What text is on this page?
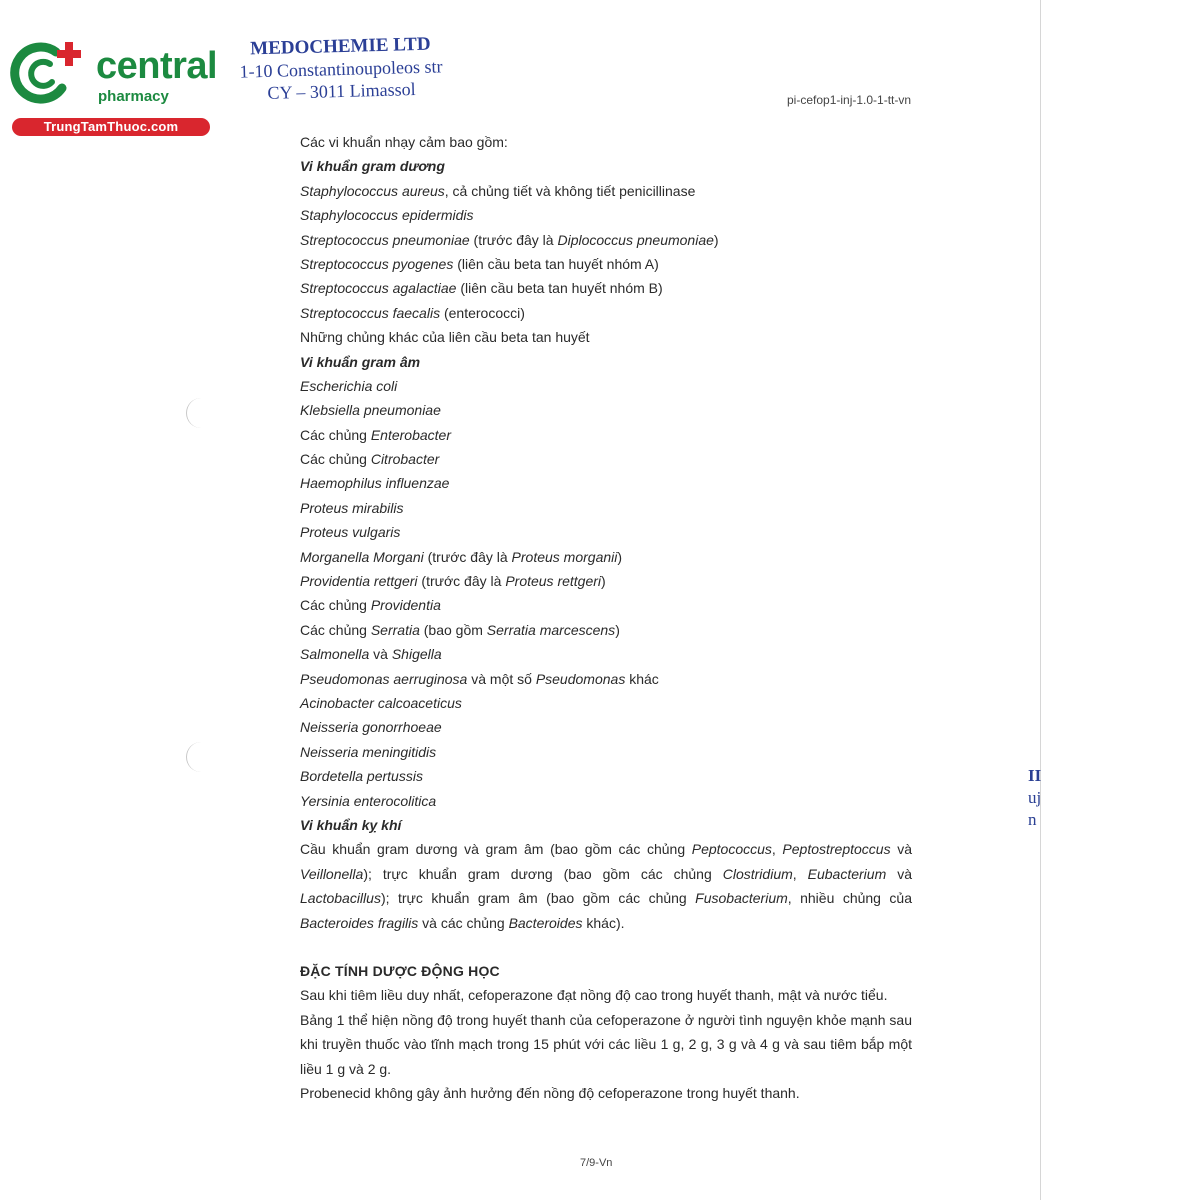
II
uj
n
central
pharmacy
TrungTamThuoc.com
MEDOCHEMIE LTD
1-10 Constantinoupoleos str
CY – 3011 Limassol	pi-cefop1-inj-1.0-1-tt-vn
Các vi khuẩn nhạy cảm bao gồm:
Vi khuẩn gram dương
Staphylococcus aureus, cả chủng tiết và không tiết penicillinase
Staphylococcus epidermidis
Streptococcus pneumoniae (trước đây là Diplococcus pneumoniae)
Streptococcus pyogenes (liên cầu beta tan huyết nhóm A)
Streptococcus agalactiae (liên cầu beta tan huyết nhóm B)
Streptococcus faecalis (enterococci)
Những chủng khác của liên cầu beta tan huyết
Vi khuẩn gram âm
Escherichia coli
Klebsiella pneumoniae
Các chủng Enterobacter
Các chủng Citrobacter
Haemophilus influenzae
Proteus mirabilis
Proteus vulgaris
Morganella Morgani (trước đây là Proteus morganii)
Providentia rettgeri (trước đây là Proteus rettgeri)
Các chủng Providentia
Các chủng Serratia (bao gồm Serratia marcescens)
Salmonella và Shigella
Pseudomonas aerruginosa và một số Pseudomonas khác
Acinobacter calcoaceticus
Neisseria gonorrhoeae
Neisseria meningitidis
Bordetella pertussis
Yersinia enterocolitica
Vi khuẩn kỵ khí

Cầu khuẩn gram dương và gram âm (bao gồm các chủng Peptococcus, Peptostreptoccus và Veillonella); trực khuẩn gram dương (bao gồm các chủng Clostridium, Eubacterium và Lactobacillus); trực khuẩn gram âm (bao gồm các chủng Fusobacterium, nhiều chủng của Bacteroides fragilis và các chủng Bacteroides khác).

ĐẶC TÍNH DƯỢC ĐỘNG HỌC

Sau khi tiêm liều duy nhất, cefoperazone đạt nồng độ cao trong huyết thanh, mật và nước tiểu.

Bảng 1 thể hiện nồng độ trong huyết thanh của cefoperazone ở người tình nguyện khỏe mạnh sau khi truyền thuốc vào tĩnh mạch trong 15 phút với các liều 1 g, 2 g, 3 g và 4 g và sau tiêm bắp một liều 1 g và 2 g.

Probenecid không gây ảnh hưởng đến nồng độ cefoperazone trong huyết thanh.

7/9-Vn
